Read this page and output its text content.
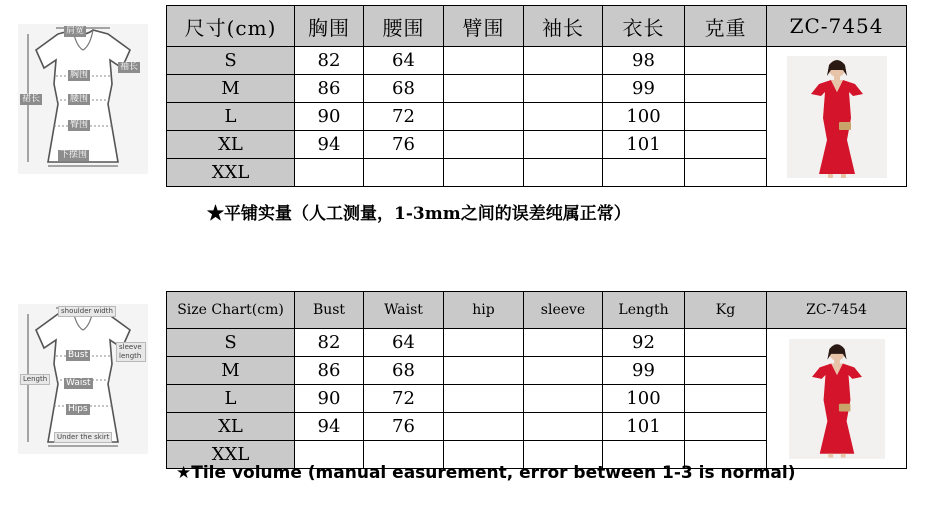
肩宽
胸围
袖长
裙长	腰围
臀围
下摆围
尺寸(cm)	胸围	腰围	臂围	袖长	衣长	克重	ZC-7454
S	82	64			98		

M	86	68			99		
L	90	72			100		
XL	94	76			101		
XXL							
★平铺实量（人工测量，1-3mm之间的误差纯属正常）
shoulder width
Bust
sleeve length
Length	Waist
Hips
Under the skirt
Size Chart(cm)	Bust	Waist	hip	sleeve	Length	Kg	ZC-7454
S	82	64			92		

M	86	68			99		
L	90	72			100		
XL	94	76			101		
XXL							
★Tile volume (manual easurement, error between 1-3 is normal)
